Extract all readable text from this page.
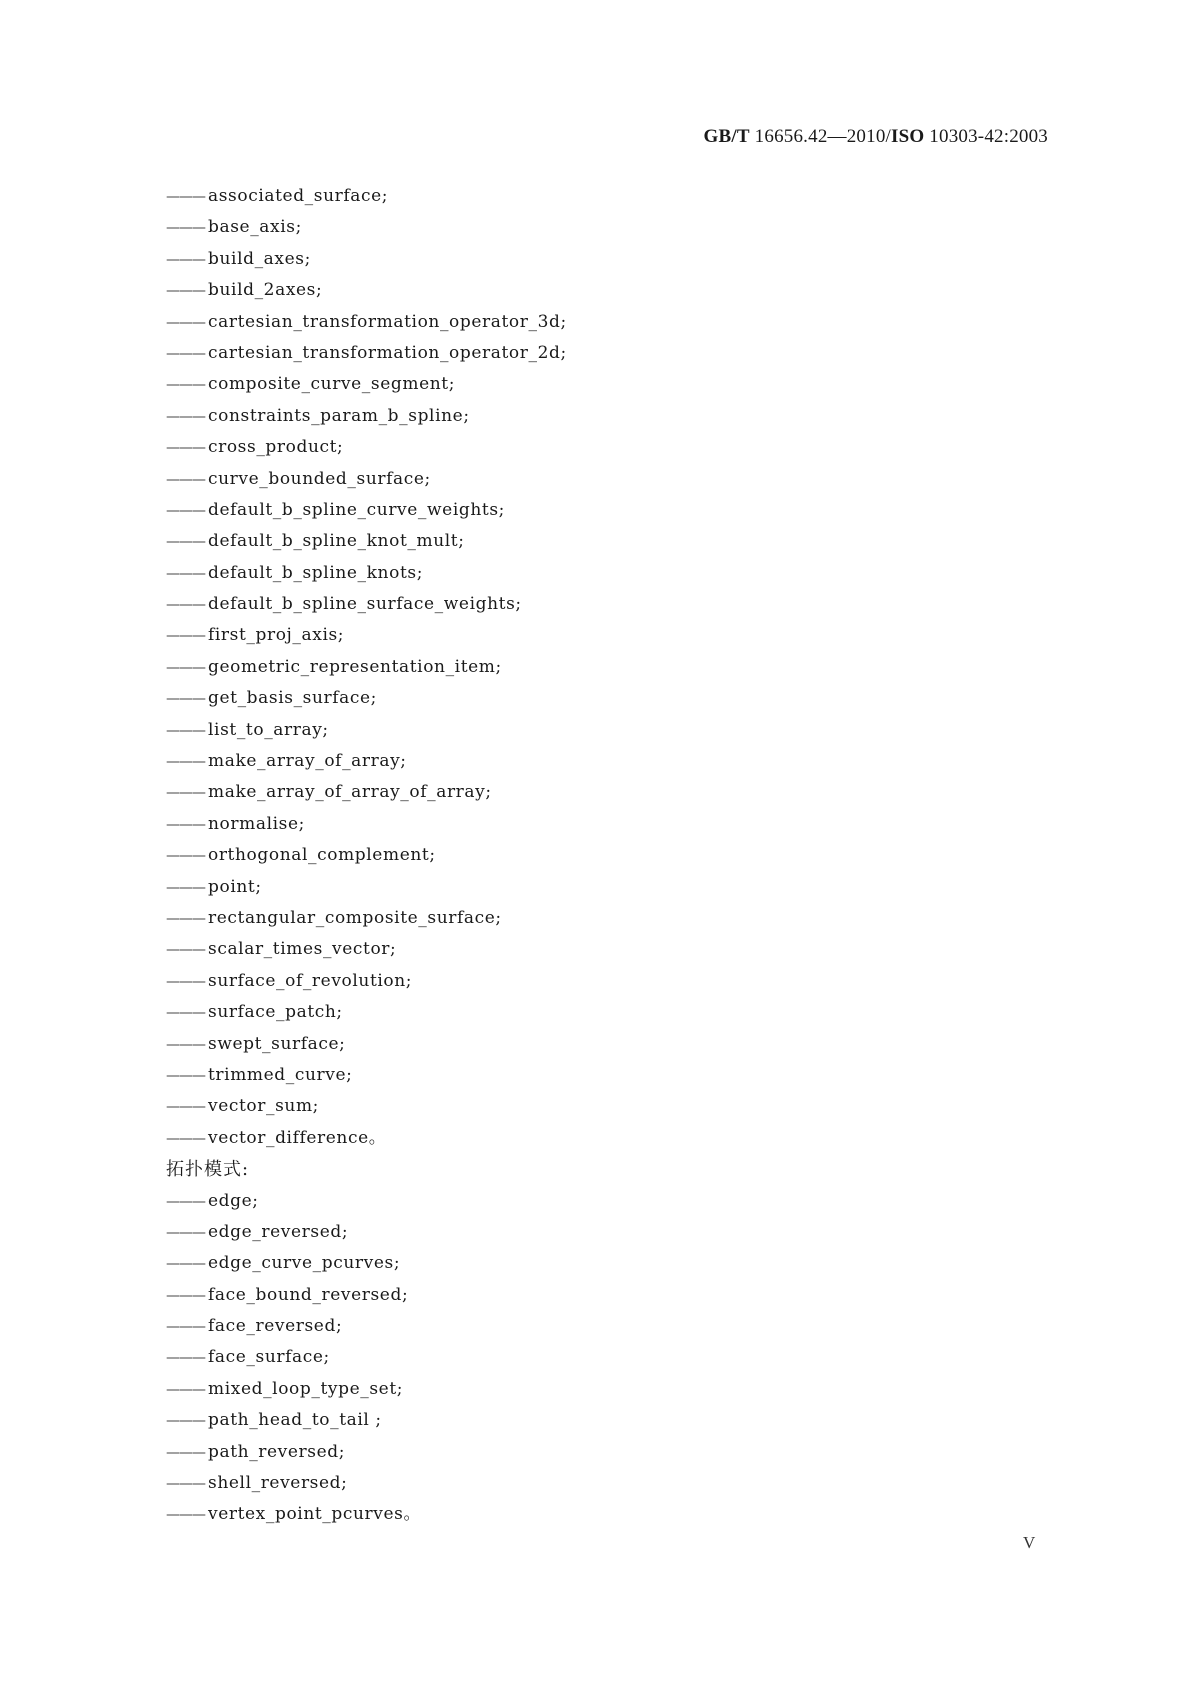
GB/T 16656.42—2010/ISO 10303-42:2003
——— associated_surface;
——— base_axis;
——— build_axes;
——— build_2axes;
——— cartesian_transformation_operator_3d;
——— cartesian_transformation_operator_2d;
——— composite_curve_segment;
——— constraints_param_b_spline;
——— cross_product;
——— curve_bounded_surface;
——— default_b_spline_curve_weights;
——— default_b_spline_knot_mult;
——— default_b_spline_knots;
——— default_b_spline_surface_weights;
——— first_proj_axis;
——— geometric_representation_item;
——— get_basis_surface;
——— list_to_array;
——— make_array_of_array;
——— make_array_of_array_of_array;
——— normalise;
——— orthogonal_complement;
——— point;
——— rectangular_composite_surface;
——— scalar_times_vector;
——— surface_of_revolution;
——— surface_patch;
——— swept_surface;
——— trimmed_curve;
——— vector_sum;
——— vector_difference。
拓扑模式:
——— edge;
——— edge_reversed;
——— edge_curve_pcurves;
——— face_bound_reversed;
——— face_reversed;
——— face_surface;
——— mixed_loop_type_set;
——— path_head_to_tail ;
——— path_reversed;
——— shell_reversed;
——— vertex_point_pcurves。
V
